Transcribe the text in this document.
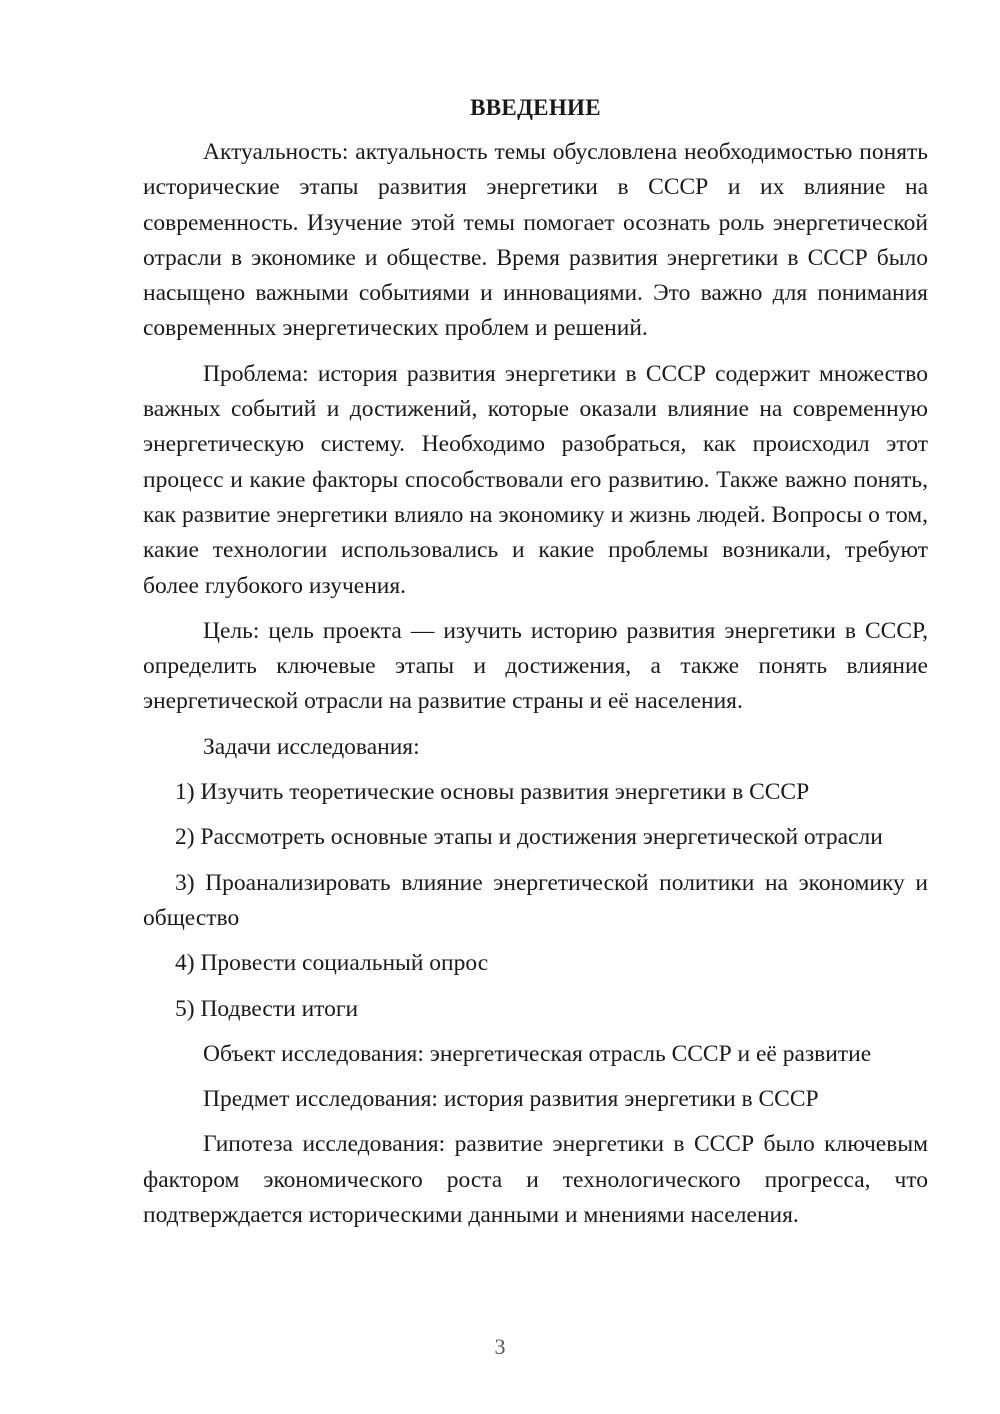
ВВЕДЕНИЕ

Актуальность: актуальность темы обусловлена необходимостью понять исторические этапы развития энергетики в СССР и их влияние на современность. Изучение этой темы помогает осознать роль энергетической отрасли в экономике и обществе. Время развития энергетики в СССР было насыщено важными событиями и инновациями. Это важно для понимания современных энергетических проблем и решений.

Проблема: история развития энергетики в СССР содержит множество важных событий и достижений, которые оказали влияние на современную энергетическую систему. Необходимо разобраться, как происходил этот процесс и какие факторы способствовали его развитию. Также важно понять, как развитие энергетики влияло на экономику и жизнь людей. Вопросы о том, какие технологии использовались и какие проблемы возникали, требуют более глубокого изучения.

Цель: цель проекта — изучить историю развития энергетики в СССР, определить ключевые этапы и достижения, а также понять влияние энергетической отрасли на развитие страны и её населения.

Задачи исследования:

1) Изучить теоретические основы развития энергетики в СССР

2) Рассмотреть основные этапы и достижения энергетической отрасли

3) Проанализировать влияние энергетической политики на экономику и общество

4) Провести социальный опрос

5) Подвести итоги

Объект исследования: энергетическая отрасль СССР и её развитие

Предмет исследования: история развития энергетики в СССР

Гипотеза исследования: развитие энергетики в СССР было ключевым фактором экономического роста и технологического прогресса, что подтверждается историческими данными и мнениями населения.

3
